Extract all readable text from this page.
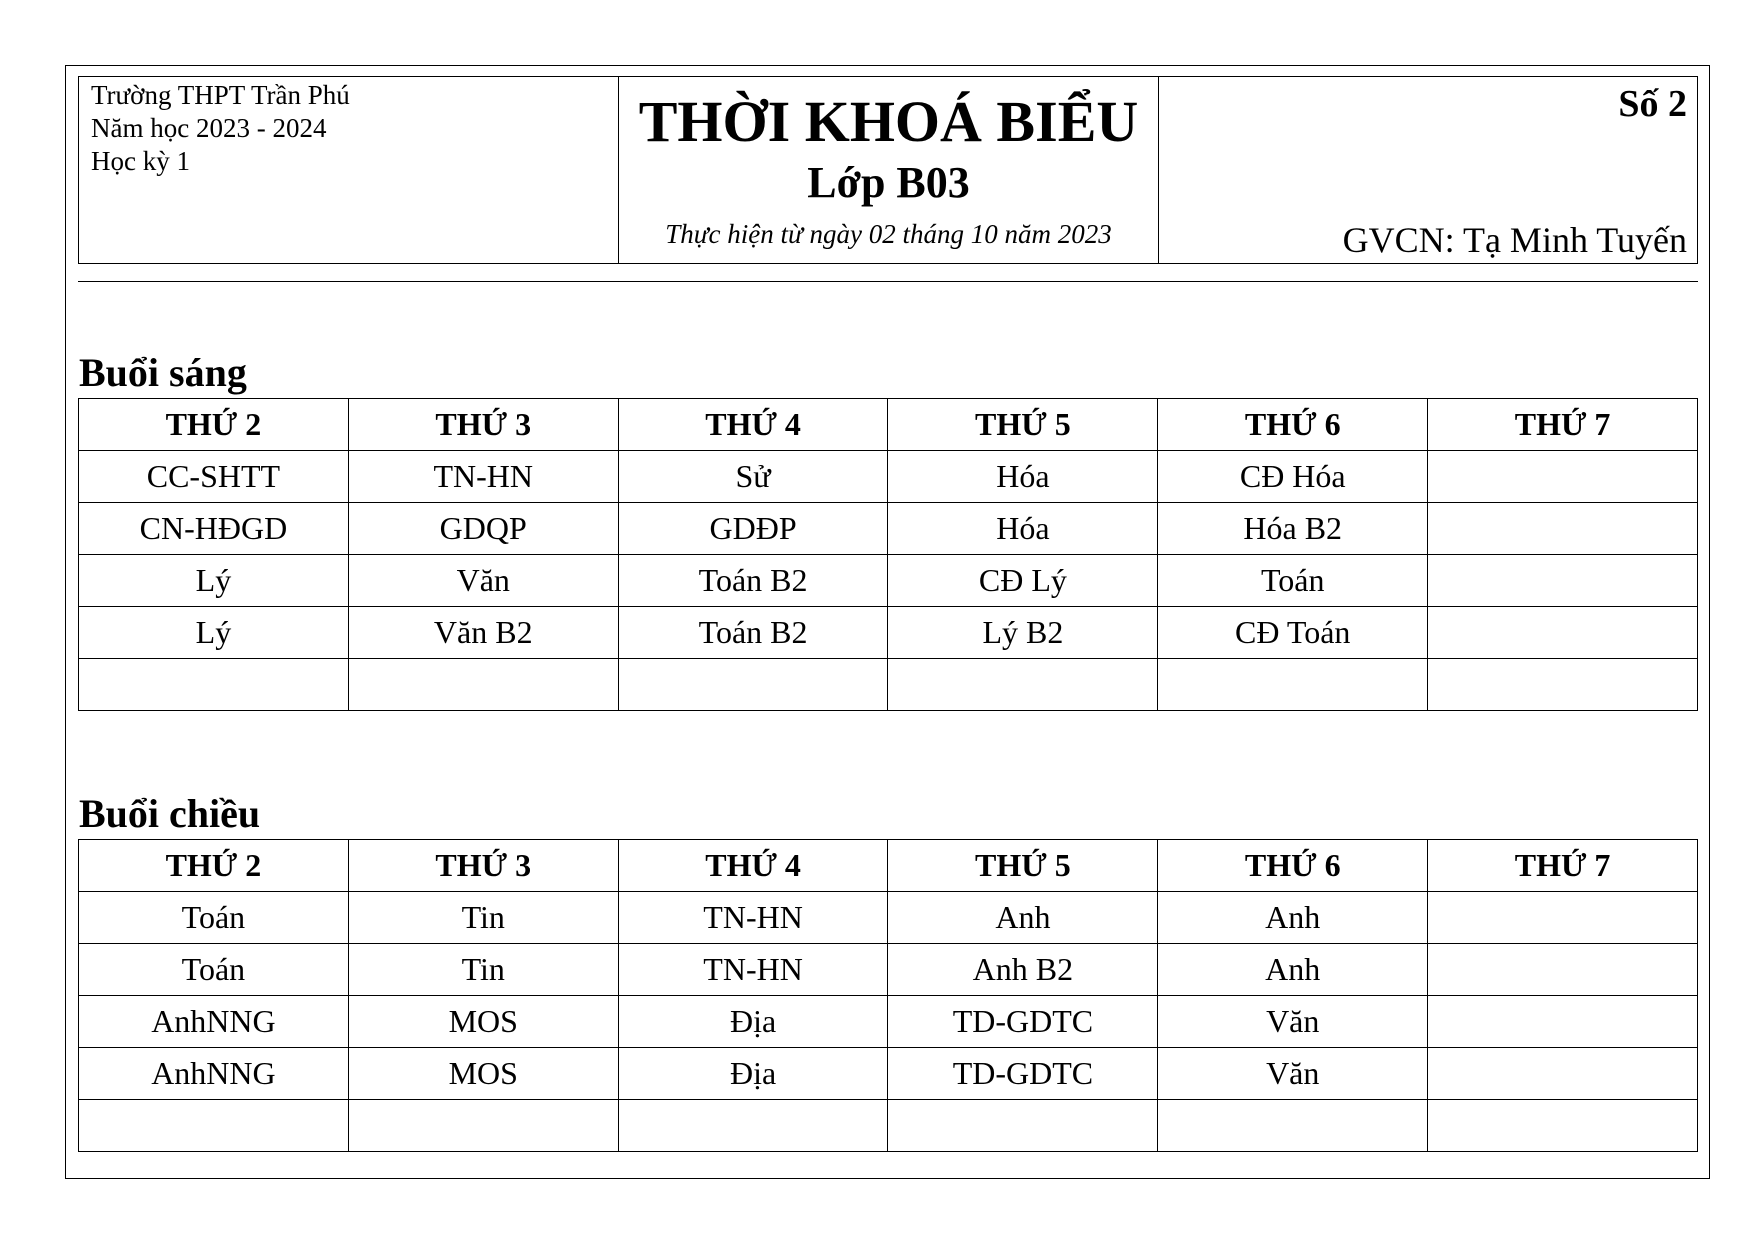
Trường THPT Trần Phú
Năm học 2023 - 2024
Học kỳ 1
THỜI KHOÁ BIỂU
Lớp B03
Thực hiện từ ngày 02 tháng 10 năm 2023
Số 2
GVCN: Tạ Minh Tuyến
Buổi sáng
THỨ 2	THỨ 3	THỨ 4	THỨ 5	THỨ 6	THỨ 7
CC-SHTT	TN-HN	Sử	Hóa	CĐ Hóa	
CN-HĐGD	GDQP	GDĐP	Hóa	Hóa B2	
Lý	Văn	Toán B2	CĐ Lý	Toán	
Lý	Văn B2	Toán B2	Lý B2	CĐ Toán	

Buổi chiều
THỨ 2	THỨ 3	THỨ 4	THỨ 5	THỨ 6	THỨ 7
Toán	Tin	TN-HN	Anh	Anh	
Toán	Tin	TN-HN	Anh B2	Anh	
AnhNNG	MOS	Địa	TD-GDTC	Văn	
AnhNNG	MOS	Địa	TD-GDTC	Văn	
